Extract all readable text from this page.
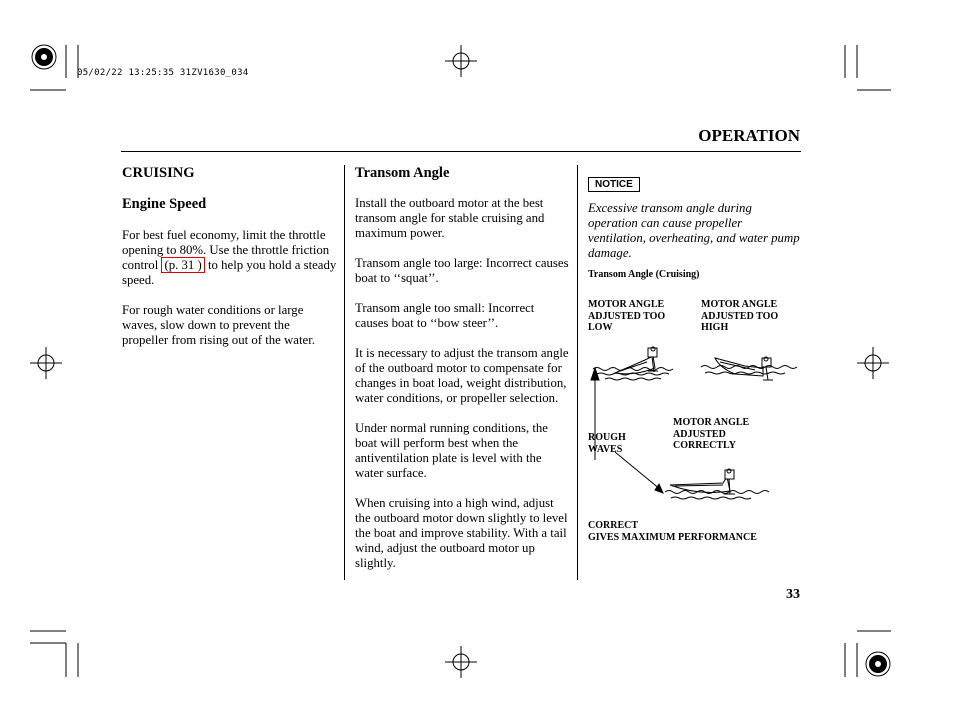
05/02/22 13:25:35 31ZV1630_034
OPERATION
CRUISING
Engine Speed

For best fuel economy, limit the throttle opening to 80%. Use the throttle friction control (p. 31 ) to help you hold a steady speed.

For rough water conditions or large waves, slow down to prevent the propeller from rising out of the water.

Transom Angle

Install the outboard motor at the best transom angle for stable cruising and maximum power.

Transom angle too large: Incorrect causes boat to ‘‘squat’’.

Transom angle too small: Incorrect causes boat to ‘‘bow steer’’.

It is necessary to adjust the transom angle of the outboard motor to compensate for changes in boat load, weight distribution, water conditions, or propeller selection.

Under normal running conditions, the boat will perform best when the antiventilation plate is level with the water surface.

When cruising into a high wind, adjust the outboard motor down slightly to level the boat and improve stability. With a tail wind, adjust the outboard motor up slightly.

NOTICE

Excessive transom angle during operation can cause propeller ventilation, overheating, and water pump damage.

Transom Angle (Cruising)
MOTOR ANGLE
ADJUSTED TOO
LOW
MOTOR ANGLE
ADJUSTED TOO
HIGH
MOTOR ANGLE
ADJUSTED
CORRECTLY
ROUGH
WAVES
CORRECT
GIVES MAXIMUM PERFORMANCE
33
